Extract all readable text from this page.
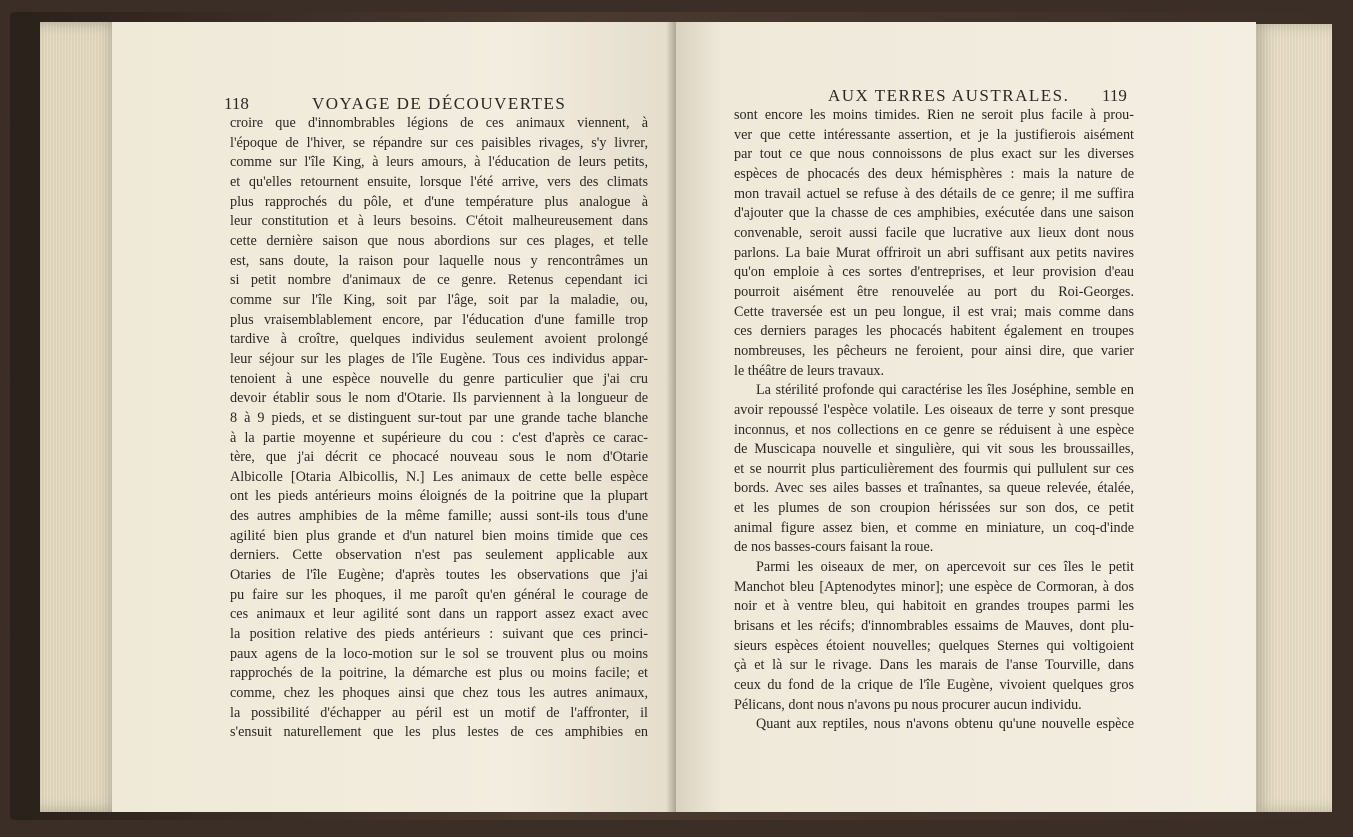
118	VOYAGE DE DÉCOUVERTES
croire que d'innombrables légions de ces animaux viennent, à
l'époque de l'hiver, se répandre sur ces paisibles rivages, s'y livrer,
comme sur l'île King, à leurs amours, à l'éducation de leurs petits,
et qu'elles retournent ensuite, lorsque l'été arrive, vers des climats
plus rapprochés du pôle, et d'une température plus analogue à
leur constitution et à leurs besoins. C'étoit malheureusement dans
cette dernière saison que nous abordions sur ces plages, et telle
est, sans doute, la raison pour laquelle nous y rencontrâmes un
si petit nombre d'animaux de ce genre. Retenus cependant ici
comme sur l'île King, soit par l'âge, soit par la maladie, ou,
plus vraisemblablement encore, par l'éducation d'une famille trop
tardive à croître, quelques individus seulement avoient prolongé
leur séjour sur les plages de l'île Eugène. Tous ces individus appar-
tenoient à une espèce nouvelle du genre particulier que j'ai cru
devoir établir sous le nom d'Otarie. Ils parviennent à la longueur de
8 à 9 pieds, et se distinguent sur-tout par une grande tache blanche
à la partie moyenne et supérieure du cou : c'est d'après ce carac-
tère, que j'ai décrit ce phocacé nouveau sous le nom d'Otarie
Albicolle [Otaria Albicollis, N.] Les animaux de cette belle espèce
ont les pieds antérieurs moins éloignés de la poitrine que la plupart
des autres amphibies de la même famille; aussi sont-ils tous d'une
agilité bien plus grande et d'un naturel bien moins timide que ces
derniers. Cette observation n'est pas seulement applicable aux
Otaries de l'île Eugène; d'après toutes les observations que j'ai
pu faire sur les phoques, il me paroît qu'en général le courage de
ces animaux et leur agilité sont dans un rapport assez exact avec
la position relative des pieds antérieurs : suivant que ces princi-
paux agens de la loco-motion sur le sol se trouvent plus ou moins
rapprochés de la poitrine, la démarche est plus ou moins facile; et
comme, chez les phoques ainsi que chez tous les autres animaux,
la possibilité d'échapper au péril est un motif de l'affronter, il
s'ensuit naturellement que les plus lestes de ces amphibies en
AUX TERRES AUSTRALES. 119
sont encore les moins timides. Rien ne seroit plus facile à prou-
ver que cette intéressante assertion, et je la justifierois aisément
par tout ce que nous connoissons de plus exact sur les diverses
espèces de phocacés des deux hémisphères : mais la nature de
mon travail actuel se refuse à des détails de ce genre; il me suffira
d'ajouter que la chasse de ces amphibies, exécutée dans une saison
convenable, seroit aussi facile que lucrative aux lieux dont nous
parlons. La baie Murat offriroit un abri suffisant aux petits navires
qu'on emploie à ces sortes d'entreprises, et leur provision d'eau
pourroit aisément être renouvelée au port du Roi-Georges.
Cette traversée est un peu longue, il est vrai; mais comme dans
ces derniers parages les phocacés habitent également en troupes
nombreuses, les pêcheurs ne feroient, pour ainsi dire, que varier
le théâtre de leurs travaux.
La stérilité profonde qui caractérise les îles Joséphine, semble en
avoir repoussé l'espèce volatile. Les oiseaux de terre y sont presque
inconnus, et nos collections en ce genre se réduisent à une espèce
de Muscicapa nouvelle et singulière, qui vit sous les broussailles,
et se nourrit plus particulièrement des fourmis qui pullulent sur ces
bords. Avec ses ailes basses et traînantes, sa queue relevée, étalée,
et les plumes de son croupion hérissées sur son dos, ce petit
animal figure assez bien, et comme en miniature, un coq-d'inde
de nos basses-cours faisant la roue.
Parmi les oiseaux de mer, on apercevoit sur ces îles le petit
Manchot bleu [Aptenodytes minor]; une espèce de Cormoran, à dos
noir et à ventre bleu, qui habitoit en grandes troupes parmi les
brisans et les récifs; d'innombrables essaims de Mauves, dont plu-
sieurs espèces étoient nouvelles; quelques Sternes qui voltigoient
çà et là sur le rivage. Dans les marais de l'anse Tourville, dans
ceux du fond de la crique de l'île Eugène, vivoient quelques gros
Pélicans, dont nous n'avons pu nous procurer aucun individu.
Quant aux reptiles, nous n'avons obtenu qu'une nouvelle espèce
